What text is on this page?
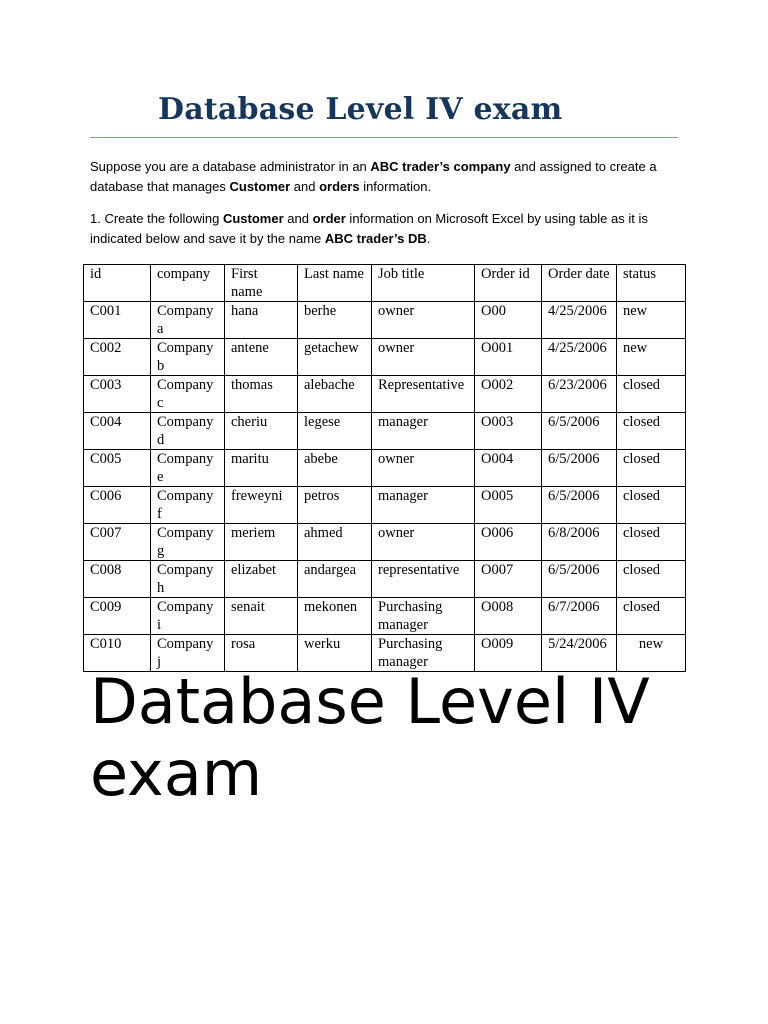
Database Level IV exam

Suppose you are a database administrator in an ABC trader’s company and assigned to create a database that manages Customer and orders information.

1. Create the following Customer and order information on Microsoft Excel by using table as it is indicated below and save it by the name ABC trader’s DB.

id	company	First name	Last name	Job title	Order id	Order date	status
C001	Company a	hana	berhe	owner	O00	4/25/2006	new
C002	Company b	antene	getachew	owner	O001	4/25/2006	new
C003	Company c	thomas	alebache	Representative	O002	6/23/2006	closed
C004	Company d	cheriu	legese	manager	O003	6/5/2006	closed
C005	Company e	maritu	abebe	owner	O004	6/5/2006	closed
C006	Company f	freweyni	petros	manager	O005	6/5/2006	closed
C007	Company g	meriem	ahmed	owner	O006	6/8/2006	closed
C008	Company h	elizabet	andargea	representative	O007	6/5/2006	closed
C009	Company i	senait	mekonen	Purchasing manager	O008	6/7/2006	closed
C010	Company j	rosa	werku	Purchasing manager	O009	5/24/2006	new
Database Level IV exam
